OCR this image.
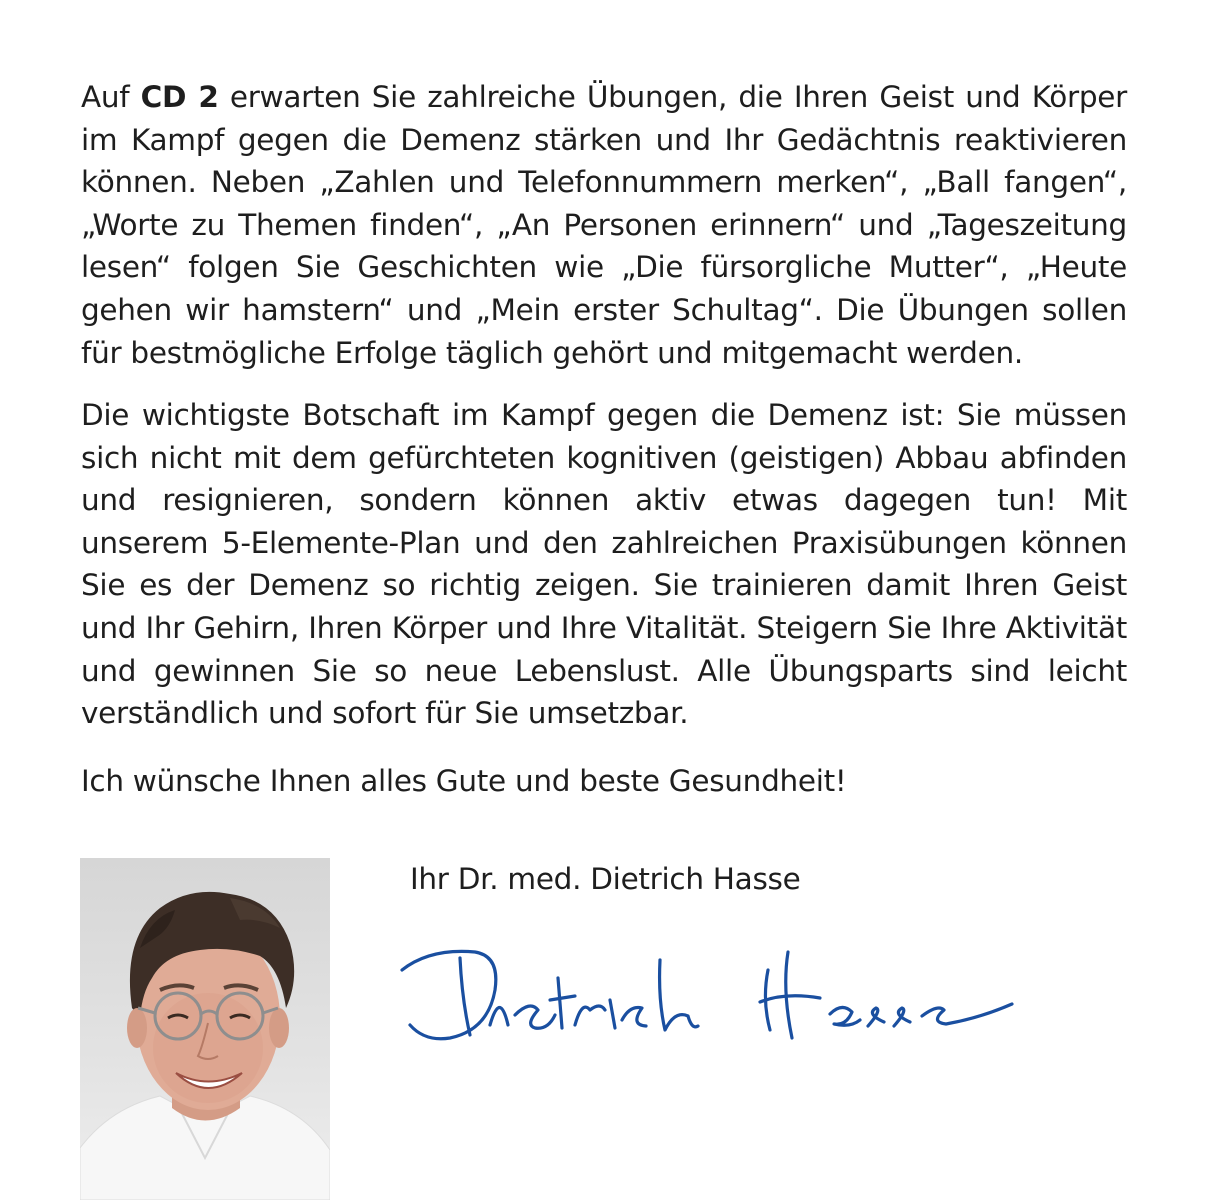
Auf CD 2 erwarten Sie zahlreiche Übungen, die Ihren Geist und Körper im Kampf gegen die Demenz stärken und Ihr Gedächtnis reaktivieren können. Neben „Zahlen und Telefonnummern merken“, „Ball fangen“, „Worte zu Themen finden“, „An Personen erinnern“ und „Tageszeitung lesen“ folgen Sie Geschichten wie „Die fürsorgliche Mutter“, „Heute gehen wir hamstern“ und „Mein erster Schultag“. Die Übungen sollen für bestmögliche Erfolge täglich gehört und mitgemacht werden.

Die wichtigste Botschaft im Kampf gegen die Demenz ist: Sie müssen sich nicht mit dem gefürchteten kognitiven (geistigen) Abbau abfinden und resignieren, sondern können aktiv etwas dagegen tun! Mit unserem 5-Elemente-Plan und den zahlreichen Praxisübungen können Sie es der Demenz so richtig zeigen. Sie trainieren damit Ihren Geist und Ihr Gehirn, Ihren Körper und Ihre Vitalität. Steigern Sie Ihre Aktivität und gewinnen Sie so neue Lebenslust. Alle Übungsparts sind leicht verständlich und sofort für Sie umsetzbar.

Ich wünsche Ihnen alles Gute und beste Gesundheit!

Ihr Dr. med. Dietrich Hasse
